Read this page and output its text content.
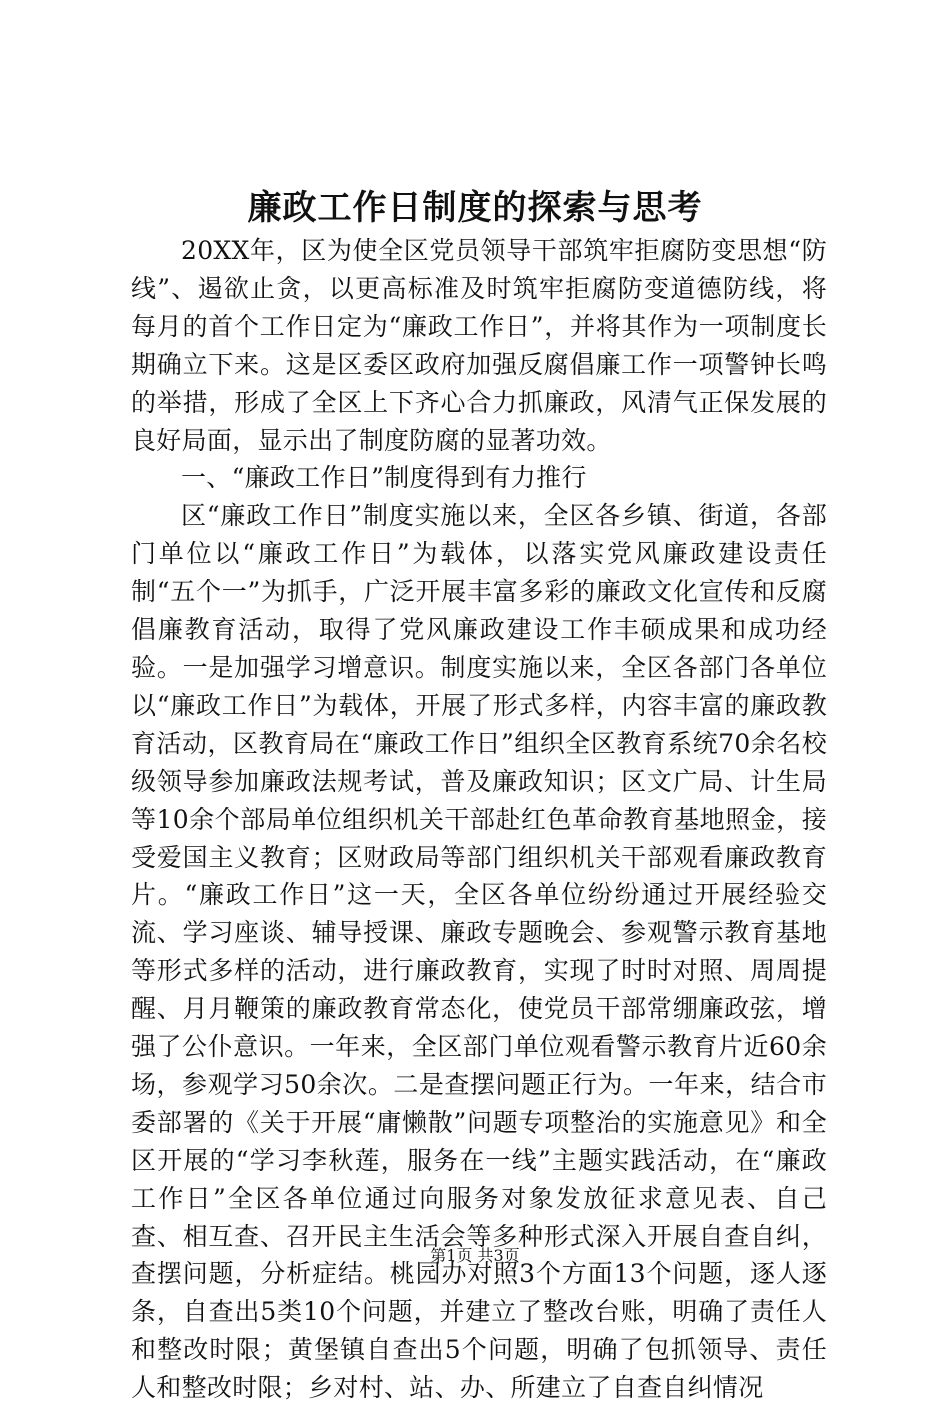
廉政工作日制度的探索与思考

20XX年，区为使全区党员领导干部筑牢拒腐防变思想“防线”、遏欲止贪，以更高标准及时筑牢拒腐防变道德防线，将每月的首个工作日定为“廉政工作日”，并将其作为一项制度长期确立下来。这是区委区政府加强反腐倡廉工作一项警钟长鸣的举措，形成了全区上下齐心合力抓廉政，风清气正保发展的良好局面，显示出了制度防腐的显著功效。

一、“廉政工作日”制度得到有力推行

区“廉政工作日”制度实施以来，全区各乡镇、街道，各部门单位以“廉政工作日”为载体，以落实党风廉政建设责任制“五个一”为抓手，广泛开展丰富多彩的廉政文化宣传和反腐倡廉教育活动，取得了党风廉政建设工作丰硕成果和成功经验。一是加强学习增意识。制度实施以来，全区各部门各单位以“廉政工作日”为载体，开展了形式多样，内容丰富的廉政教育活动，区教育局在“廉政工作日”组织全区教育系统70余名校级领导参加廉政法规考试，普及廉政知识；区文广局、计生局等10余个部局单位组织机关干部赴红色革命教育基地照金，接受爱国主义教育；区财政局等部门组织机关干部观看廉政教育片。“廉政工作日”这一天，全区各单位纷纷通过开展经验交流、学习座谈、辅导授课、廉政专题晚会、参观警示教育基地等形式多样的活动，进行廉政教育，实现了时时对照、周周提醒、月月鞭策的廉政教育常态化，使党员干部常绷廉政弦，增强了公仆意识。一年来，全区部门单位观看警示教育片近60余场，参观学习50余次。二是查摆问题正行为。一年来，结合市委部署的《关于开展“庸懒散”问题专项整治的实施意见》和全区开展的“学习李秋莲，服务在一线”主题实践活动，在“廉政工作日”全区各单位通过向服务对象发放征求意见表、自己查、相互查、召开民主生活会等多种形式深入开展自查自纠，查摆问题，分析症结。桃园办对照3个方面13个问题，逐人逐条，自查出5类10个问题，并建立了整改台账，明确了责任人和整改时限；黄堡镇自查出5个问题，明确了包抓领导、责任人和整改时限；乡对村、站、办、所建立了自查自纠情况

第1页 共3页
